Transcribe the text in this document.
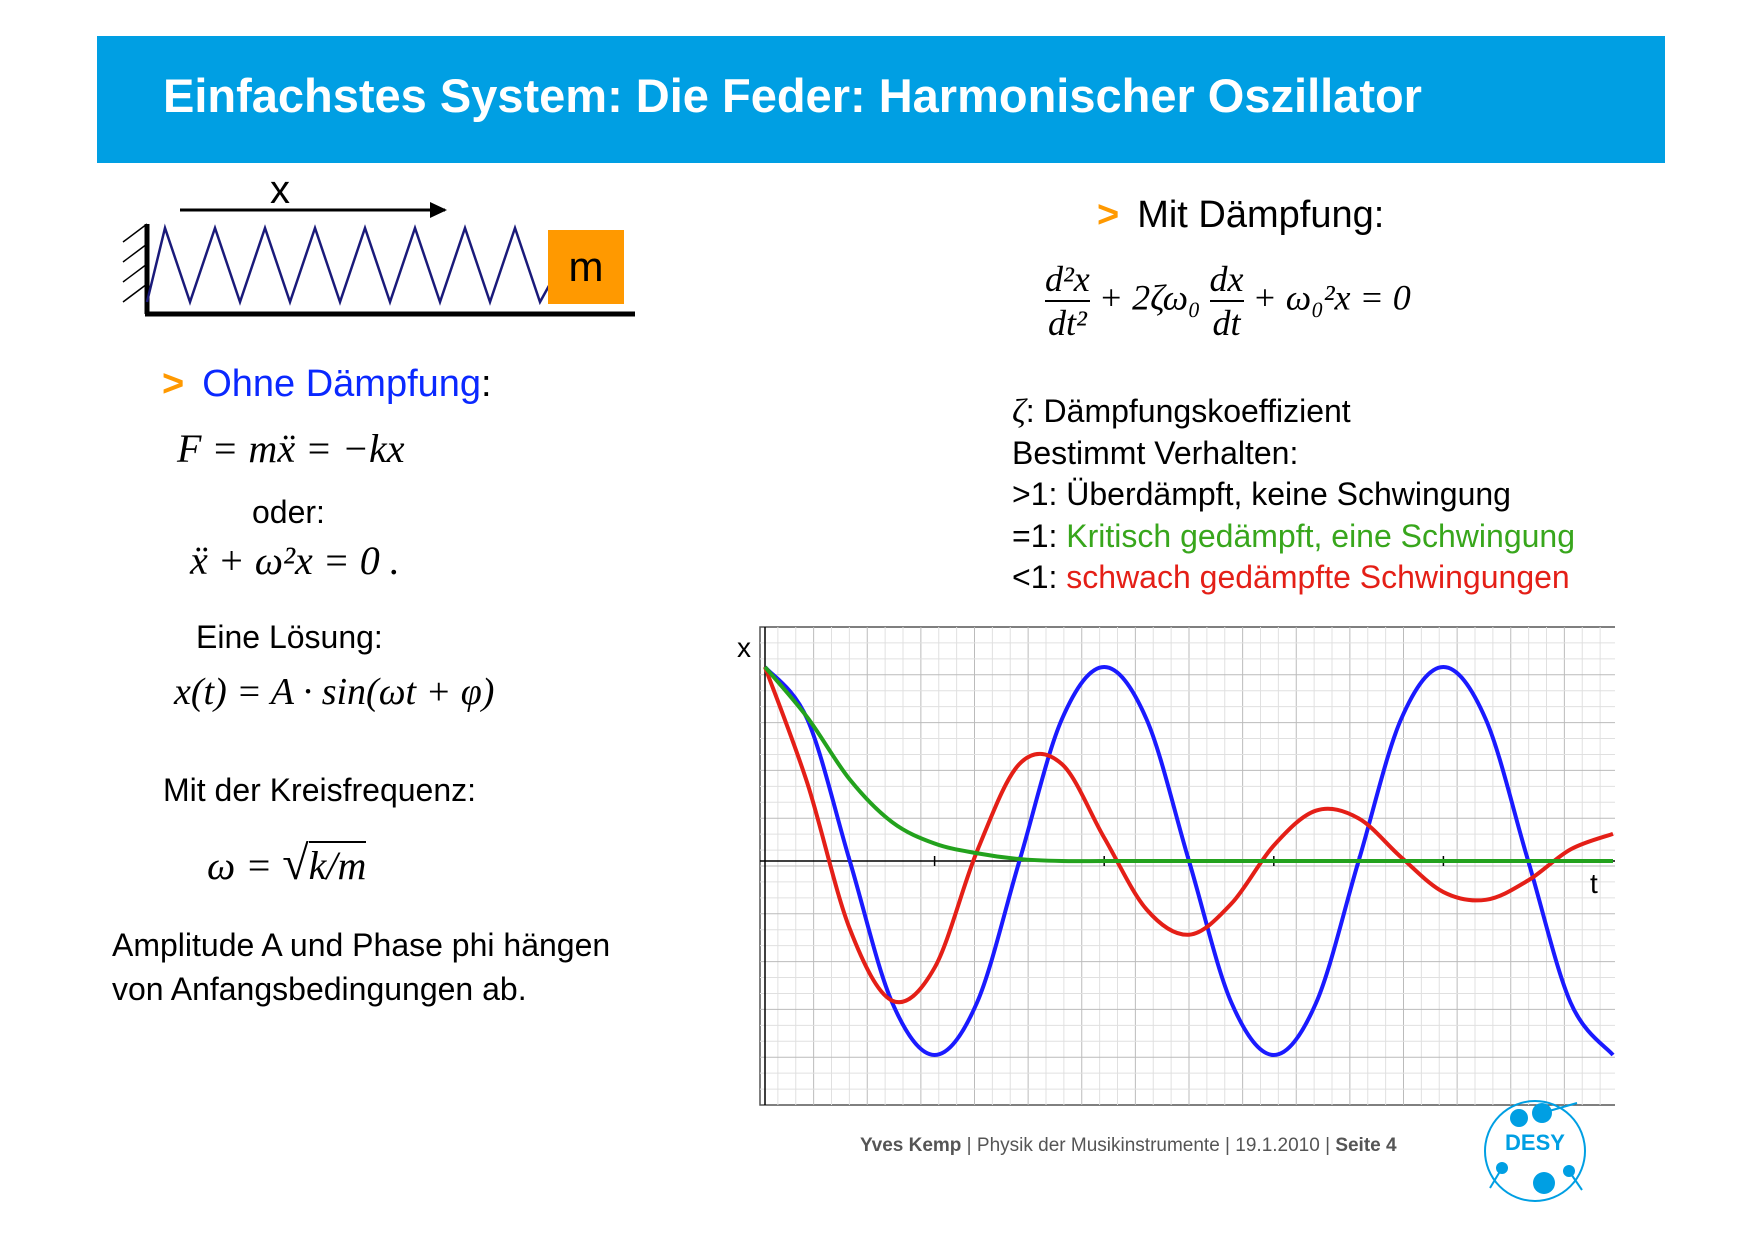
Einfachstes System: Die Feder: Harmonischer Oszillator
x
m
> Ohne Dämpfung:
F = mẍ = −kx
oder:
ẍ + ω²x = 0 .
Eine Lösung:
x(t) = A · sin(ωt + φ)
Mit der Kreisfrequenz:
ω = √k/m
Amplitude A und Phase phi hängen
von Anfangsbedingungen ab.
> Mit Dämpfung:
$\frac{\text{d²x}}{\text{dt²}} + 2\zeta\omega_0 \frac{dx}{dt} + \omega_0^2x = 0$
ζ: Dämpfungskoeffizient
Bestimmt Verhalten:
>1: Überdämpft, keine Schwingung
=1: Kritisch gedämpft, eine Schwingung
<1: schwach gedämpfte Schwingungen
x
t
Yves Kemp | Physik der Musikinstrumente | 19.1.2010 | Seite 4	DESY
